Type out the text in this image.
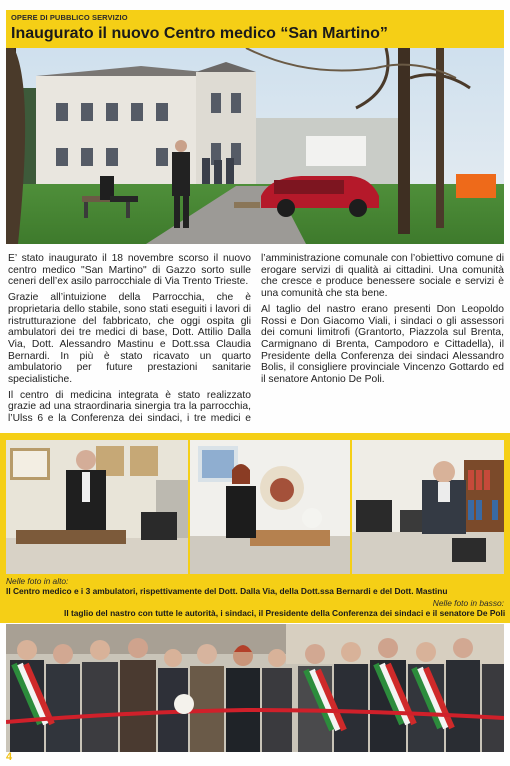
OPERE DI PUBBLICO SERVIZIO
Inaugurato il nuovo Centro medico “San Martino”

E’ stato inaugurato il 18 novembre scorso il nuovo centro medico "San Martino" di Gazzo sorto sulle ceneri dell’ex asilo parrocchiale di Via Trento Trieste.

Grazie all’intuizione della Parrocchia, che è proprietaria dello stabile, sono stati eseguiti i lavori di ristrutturazione del fabbricato, che oggi ospita gli ambulatori dei tre medici di base, Dott. Attilio Dalla Via, Dott. Alessandro Mastinu e Dott.ssa Claudia Bernardi. In più è stato ricavato un quarto ambulatorio per future prestazioni sanitarie specialistiche.

Il centro di medicina integrata è stato realizzato grazie ad una straordinaria sinergia tra la parrocchia, l’Ulss 6 e la Conferenza dei sindaci, i tre medici e l’amministrazione comunale con l’obiettivo comune di erogare servizi di qualità ai cittadini. Una comunità che cresce e produce benessere sociale e servizi è una comunità che sta bene.

Al taglio del nastro erano presenti Don Leopoldo Rossi e Don Giacomo Viali, i sindaci o gli assessori dei comuni limitrofi (Grantorto, Piazzola sul Brenta, Carmignano di Brenta, Campodoro e Cittadella), il Presidente della Conferenza dei sindaci Alessandro Bolis, il consigliere provinciale Vincenzo Gottardo ed il senatore Antonio De Poli.

Nelle foto in alto:
Il Centro medico e i 3 ambulatori, rispettivamente del Dott. Dalla Via, della Dott.ssa Bernardi e del Dott. Mastinu
Nelle foto in basso:
Il taglio del nastro con tutte le autorità, i sindaci, il Presidente della Conferenza dei sindaci e il senatore De Poli
4
